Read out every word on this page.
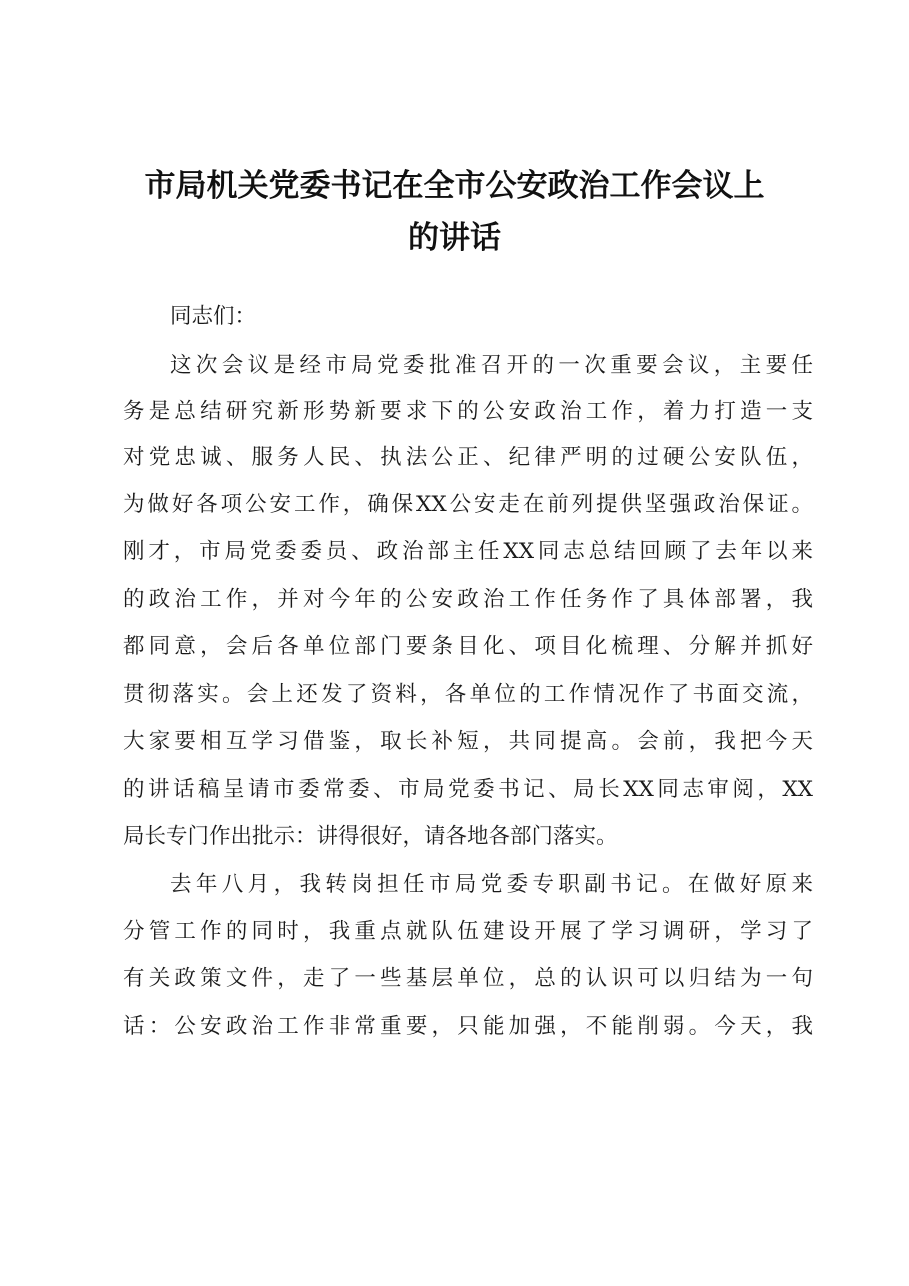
市局机关党委书记在全市公安政治工作会议上
的讲话

同志们：

这次会议是经市局党委批准召开的一次重要会议，主要任

务是总结研究新形势新要求下的公安政治工作，着力打造一支

对党忠诚、服务人民、执法公正、纪律严明的过硬公安队伍，

为做好各项公安工作，确保XX公安走在前列提供坚强政治保证。

刚才，市局党委委员、政治部主任XX同志总结回顾了去年以来

的政治工作，并对今年的公安政治工作任务作了具体部署，我

都同意，会后各单位部门要条目化、项目化梳理、分解并抓好

贯彻落实。会上还发了资料，各单位的工作情况作了书面交流，

大家要相互学习借鉴，取长补短，共同提高。会前，我把今天

的讲话稿呈请市委常委、市局党委书记、局长XX同志审阅，XX

局长专门作出批示：讲得很好，请各地各部门落实。

去年八月，我转岗担任市局党委专职副书记。在做好原来

分管工作的同时，我重点就队伍建设开展了学习调研，学习了

有关政策文件，走了一些基层单位，总的认识可以归结为一句

话：公安政治工作非常重要，只能加强，不能削弱。今天，我
